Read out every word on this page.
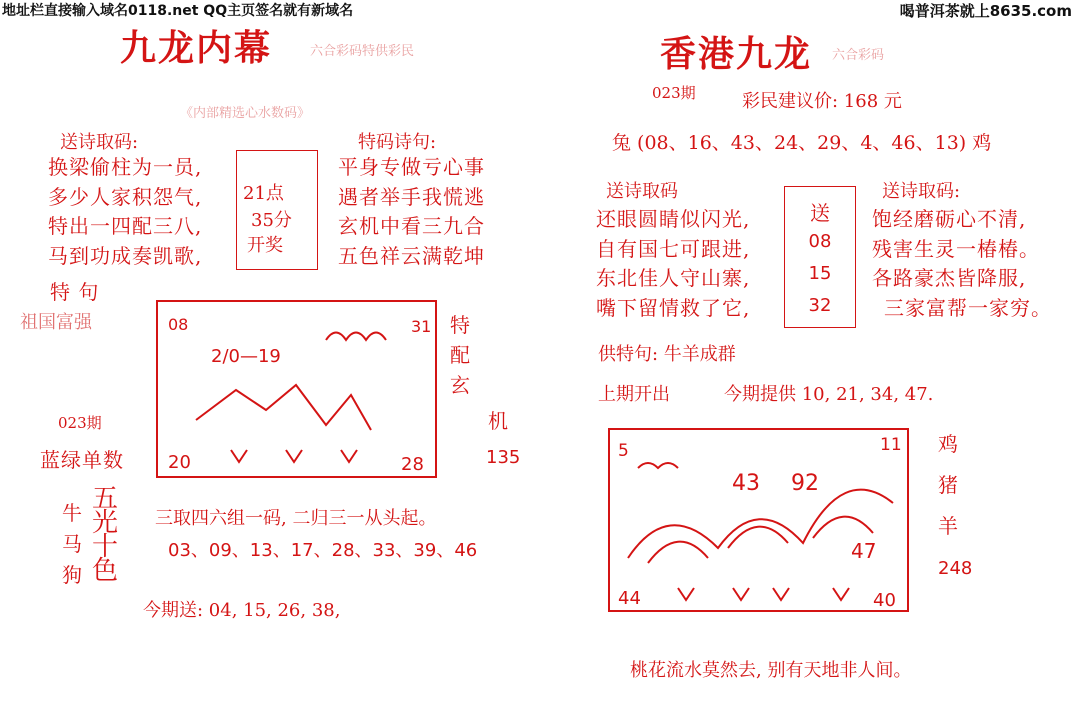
地址栏直接输入域名0118.net QQ主页签名就有新域名	喝普洱茶就上8635.com
九龙内幕	六合彩码特供彩民
《内部精选心水数码》
送诗取码:
换梁偷柱为一员,
多少人家积怨气,
特出一四配三八,
马到功成奏凯歌,
21点
35分
开奖
特码诗句:
平身专做亏心事
遇者举手我慌逃
玄机中看三九合
五色祥云满乾坤
特 句
祖国富强	08	31
20	28
2/0—19
特
配
玄
机
135
023期
蓝绿单数
牛
马
狗
五
光
十
色
三取四六组一码, 二归三一从头起。
03、09、13、17、28、33、39、46
今期送: 04, 15, 26, 38,
香港九龙 六合彩码
023期	彩民建议价: 168 元
兔 (08、16、43、24、29、4、46、13) 鸡
送诗取码
还眼圆睛似闪光,
自有国七可跟进,
东北佳人守山寨,
嘴下留情救了它,
送
08
15
32
送诗取码:
饱经磨砺心不清,
残害生灵一椿椿。
各路豪杰皆降服,
三家富帮一家穷。
供特句: 牛羊成群
上期开出	今期提供 10, 21, 34, 47.
5	11
44	40
43 92
47
鸡
猪
羊
248
桃花流水莫然去, 别有天地非人间。
